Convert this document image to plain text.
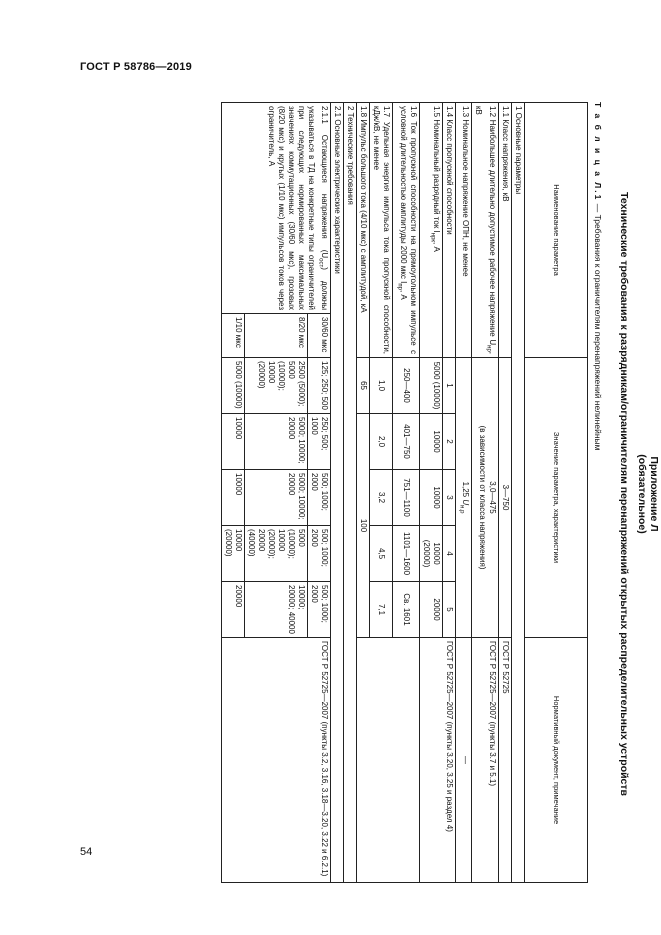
ГОСТ Р 58786—2019
54
Приложение Л
(обязательное)
Технические требования к разрядникам/ограничителям перенапряжений открытых распределительных устройств
Т а б л и ц а Л.1 — Требования к ограничителям перенапряжений нелинейным
Наименование параметра		Значение параметра, характеристики					Нормативный документ, примечание
1 Основные параметры							
1.1 Класс напряжения, кВ		3—750					ГОСТ Р 52725
1.2 Наибольшее длительно допустимое рабочее напряжение $U_{нр}$, кВ		3,0—475
(в зависимости от класса напряжения)					ГОСТ Р 52725—2007 (пункты 3.7 и 5.1)
1.3 Номинальное напряжение ОПН, не менее		1,25 $U_{н.р}$					—
1.4 Класс пропускной способности		1	2	3	4	5	ГОСТ Р 52725—2007 (пункты 3.20, 3.25 и раздел 4)
1.5 Номинальный разрядный ток $I_{нрк}$, А		5000 (10000)	10000	10000	10000 (20000)	20000	
1.6 Ток пропускной способности на прямоугольном импульсе с условной длительностью амплитуды 2000 мкс $I_{пр}$, А		250—400	401—750	751—1100	1101—1600	Св. 1601	
1.7 Удельная энергия импульса тока пропускной способности, кДж/кВ, не менее		1,0	2,0	3,2	4,5	7,1	
1.8 Импульс большого тока (4/10 мкс) с амплитудой, кА		65	100				
2 Технические требования							
2.1 Основные электрические характеристики							
2.1.1 Остающиеся напряжения $(U_{ост})$ должны указываться в ТД на конкретные типы ограничителей при следующих нормированных максимальных значениях коммутационных (30/60 мкс), грозовых (8/20 мкс) и крутых (1/10 мкс) импульсов токов через ограничитель, А	30/60 мкс	125; 250; 500	250; 500; 1000	500; 1000; 2000	500; 1000; 2000	500; 1000; 2000	ГОСТ Р 52725—2007 (пункты 3.2, 3.16, 3.18—3.20, 3.22 и 6.2.1)
	8/20 мкс	2500 (5000); 5000 (10000); 10000 (20000)	5000; 10000; 20000	5000; 10000; 20000	5000 (10000); 10000 (20000); 20000 (40000)	10000; 20000; 40000	
	1/10 мкс	5000 (10000)	10000	10000	10000 (20000)	20000	
